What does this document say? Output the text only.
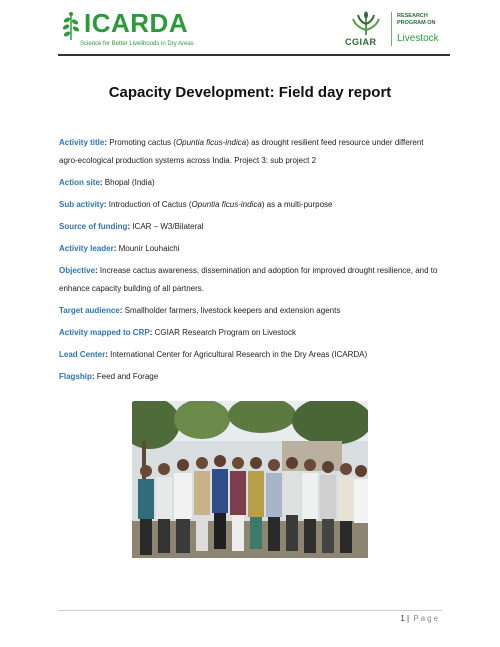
ICARDA
Science for Better Livelihoods in Dry Areas	CGIAR
RESEARCH
PROGRAM ON
Livestock
Capacity Development: Field day report

Activity title: Promoting cactus (Opuntia ficus-indica) as drought resilient feed resource under different agro-ecological production systems across India. Project 3: sub project 2

Action site: Bhopal (India)

Sub activity: Introduction of Cactus (Opuntia ficus-indica) as a multi-purpose

Source of funding: ICAR – W3/Bilateral

Activity leader: Mounir Louhaichi

Objective: Increase cactus awareness, dissemination and adoption for improved drought resilience, and to enhance capacity building of all partners.

Target audience: Smallholder farmers, livestock keepers and extension agents

Activity mapped to CRP: CGIAR Research Program on Livestock

Lead Center: International Center for Agricultural Research in the Dry Areas (ICARDA)

Flagship: Feed and Forage

1 | Page
